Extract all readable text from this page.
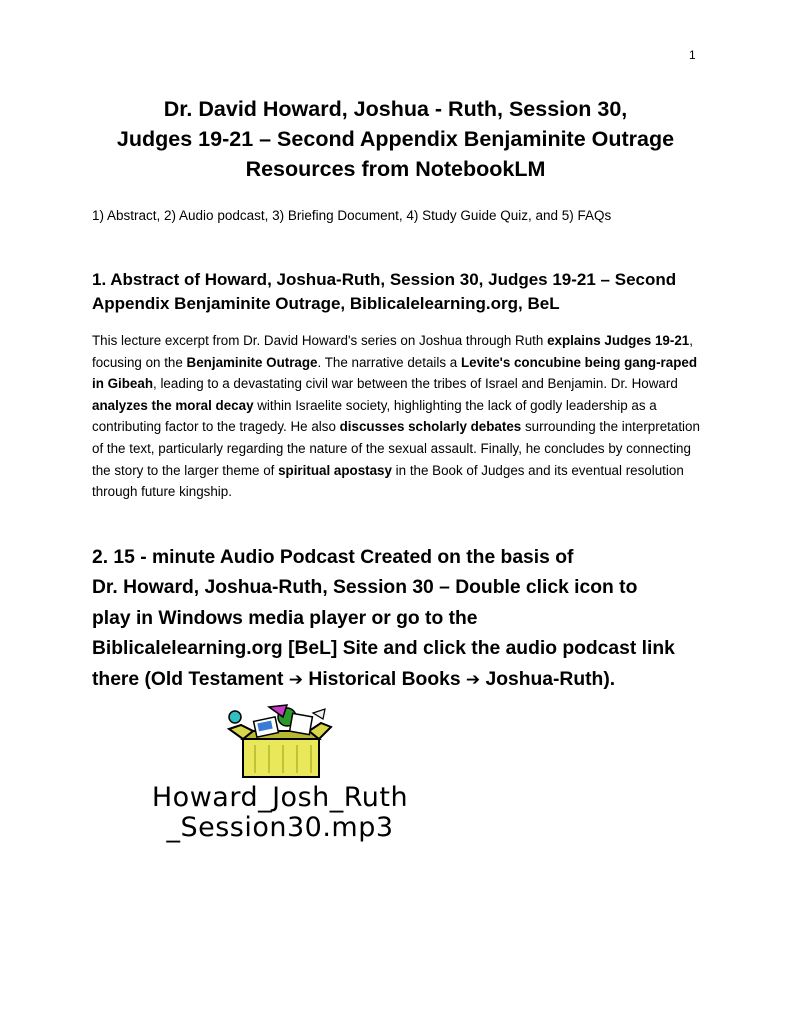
1
Dr. David Howard, Joshua - Ruth, Session 30,
Judges 19-21 – Second Appendix Benjaminite Outrage
Resources from NotebookLM
1) Abstract, 2) Audio podcast, 3) Briefing Document, 4) Study Guide Quiz, and 5) FAQs
1. Abstract of Howard, Joshua-Ruth, Session 30, Judges 19-21 – Second
Appendix Benjaminite Outrage, Biblicalelearning.org, BeL
This lecture excerpt from Dr. David Howard's series on Joshua through Ruth explains Judges 19-21, focusing on the Benjaminite Outrage. The narrative details a Levite's concubine being gang-raped in Gibeah, leading to a devastating civil war between the tribes of Israel and Benjamin. Dr. Howard analyzes the moral decay within Israelite society, highlighting the lack of godly leadership as a contributing factor to the tragedy. He also discusses scholarly debates surrounding the interpretation of the text, particularly regarding the nature of the sexual assault. Finally, he concludes by connecting the story to the larger theme of spiritual apostasy in the Book of Judges and its eventual resolution through future kingship.
2. 15 - minute Audio Podcast Created on the basis of
Dr. Howard, Joshua-Ruth, Session 30 – Double click icon to
play in Windows media player or go to the
Biblicalelearning.org [BeL] Site and click the audio podcast link
there (Old Testament ➔ Historical Books ➔ Joshua-Ruth).
Howard_Josh_Ruth
_Session30.mp3
